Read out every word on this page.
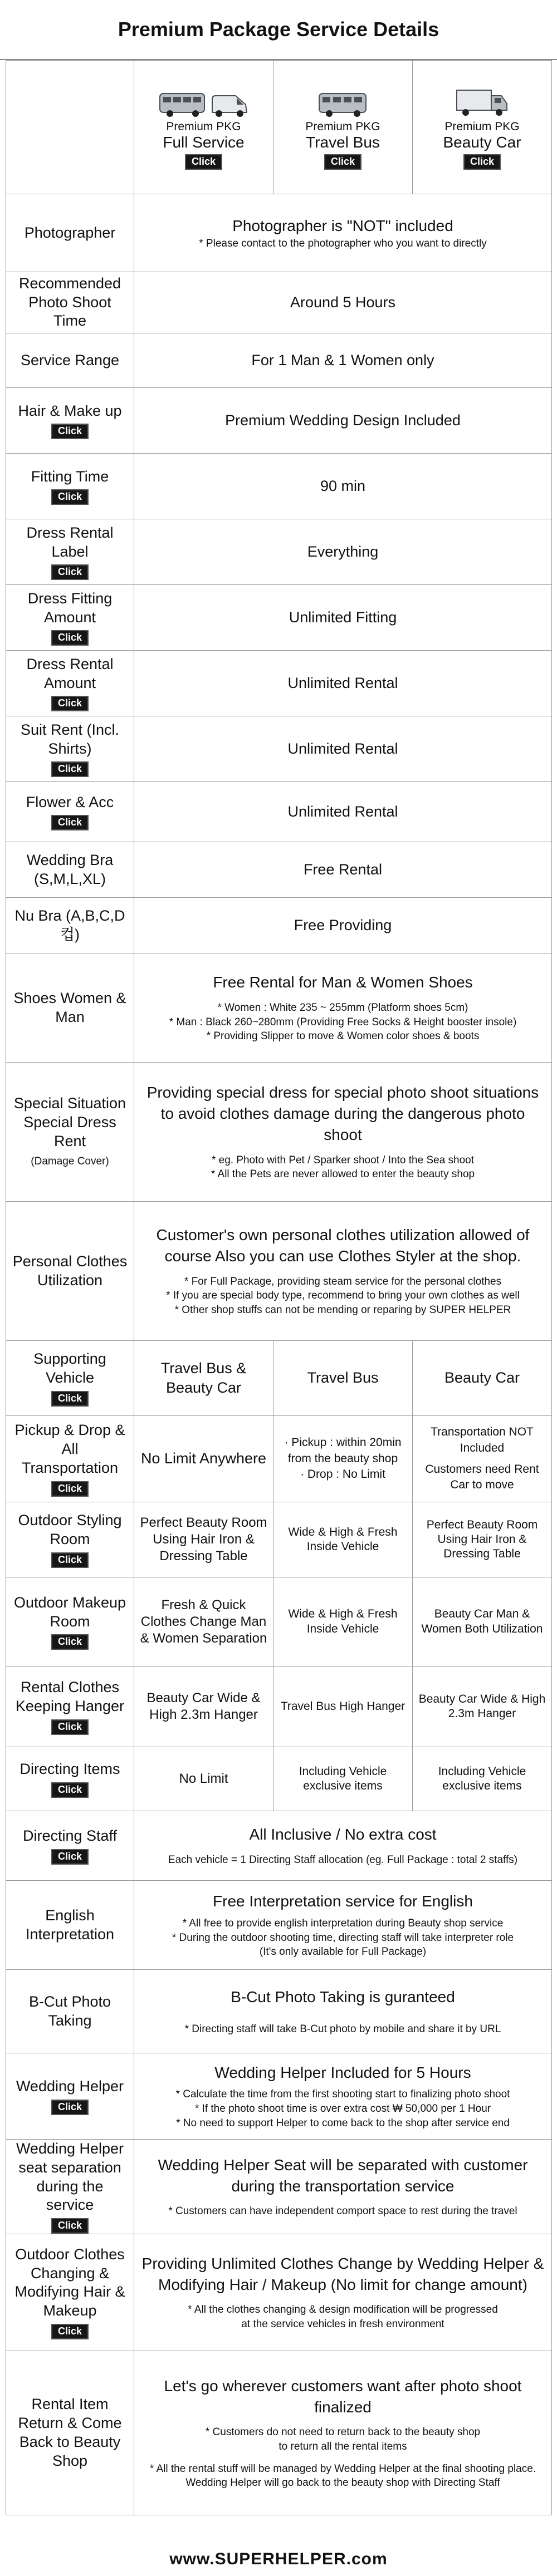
Premium Package Service Details

	Premium PKG
Full Service
Click	Premium PKG
Travel Bus
Click	Premium PKG
Beauty Car
Click
Photographer	Photographer is "NOT" included
* Please contact to the photographer who you want to directly		

Recommended Photo Shoot Time	Around 5 Hours		
Service Range	For 1 Man & 1 Women only		
Hair & Make up
Click	Premium Wedding Design Included		
Fitting Time
Click	90 min		
Dress Rental Label
Click	Everything		
Dress Fitting Amount
Click	Unlimited Fitting		
Dress Rental Amount
Click	Unlimited Rental		
Suit Rent (Incl. Shirts)
Click	Unlimited Rental		
Flower & Acc
Click	Unlimited Rental		
Wedding Bra (S,M,L,XL)	Free Rental		
Nu Bra (A,B,C,D 컵)	Free Providing		
Shoes Women & Man	Free Rental for Man & Women Shoes
* Women : White 235 ~ 255mm (Platform shoes 5cm)
* Man : Black 260~280mm (Providing Free Socks & Height booster insole)
* Providing Slipper to move & Women color shoes & boots		

Special Situation Special Dress Rent
(Damage Cover)	Providing special dress for special photo shoot situations to avoid clothes damage during the dangerous photo shoot
* eg. Photo with Pet / Sparker shoot / Into the Sea shoot
* All the Pets are never allowed to enter the beauty shop		

Personal Clothes Utilization	Customer's own personal clothes utilization allowed of course Also you can use Clothes Styler at the shop.
* For Full Package, providing steam service for the personal clothes
* If you are special body type, recommend to bring your own clothes as well
* Other shop stuffs can not be mending or reparing by SUPER HELPER		

Supporting Vehicle
Click	Travel Bus & Beauty Car	Travel Bus	Beauty Car
Pickup & Drop & All Transportation
Click	No Limit Anywhere	· Pickup : within 20min from the beauty shop
· Drop : No Limit	Transportation NOT Included
Customers need Rent Car to move

Outdoor Styling Room
Click	Perfect Beauty Room Using Hair Iron & Dressing Table	Wide & High & Fresh Inside Vehicle	Perfect Beauty Room Using Hair Iron & Dressing Table
Outdoor Makeup Room
Click	Fresh & Quick Clothes Change Man & Women Separation	Wide & High & Fresh Inside Vehicle	Beauty Car Man & Women Both Utilization
Rental Clothes Keeping Hanger
Click	Beauty Car Wide & High 2.3m Hanger	Travel Bus High Hanger	Beauty Car Wide & High 2.3m Hanger
Directing Items
Click	No Limit	Including Vehicle exclusive items	Including Vehicle exclusive items
Directing Staff
Click	All Inclusive / No extra cost
Each vehicle = 1 Directing Staff allocation (eg. Full Package : total 2 staffs)		

English Interpretation	Free Interpretation service for English
* All free to provide english interpretation during Beauty shop service
* During the outdoor shooting time, directing staff will take interpreter role
(It's only available for Full Package)		

B-Cut Photo Taking	B-Cut Photo Taking is guranteed
* Directing staff will take B-Cut photo by mobile and share it by URL		

Wedding Helper
Click	Wedding Helper Included for 5 Hours
* Calculate the time from the first shooting start to finalizing photo shoot
* If the photo shoot time is over extra cost ₩ 50,000 per 1 Hour
* No need to support Helper to come back to the shop after service end		

Wedding Helper seat separation during the service
Click	Wedding Helper Seat will be separated with customer during the transportation service
* Customers can have independent comport space to rest during the travel		

Outdoor Clothes Changing & Modifying Hair & Makeup
Click	Providing Unlimited Clothes Change by Wedding Helper & Modifying Hair / Makeup (No limit for change amount)
* All the clothes changing & design modification will be progressed
at the service vehicles in fresh environment		

Rental Item Return & Come Back to Beauty Shop	Let's go wherever customers want after photo shoot finalized
* Customers do not need to return back to the beauty shop
to return all the rental items
* All the rental stuff will be managed by Wedding Helper at the final shooting place. Wedding Helper will go back to the beauty shop with Directing Staff		
www.SUPERHELPER.com
